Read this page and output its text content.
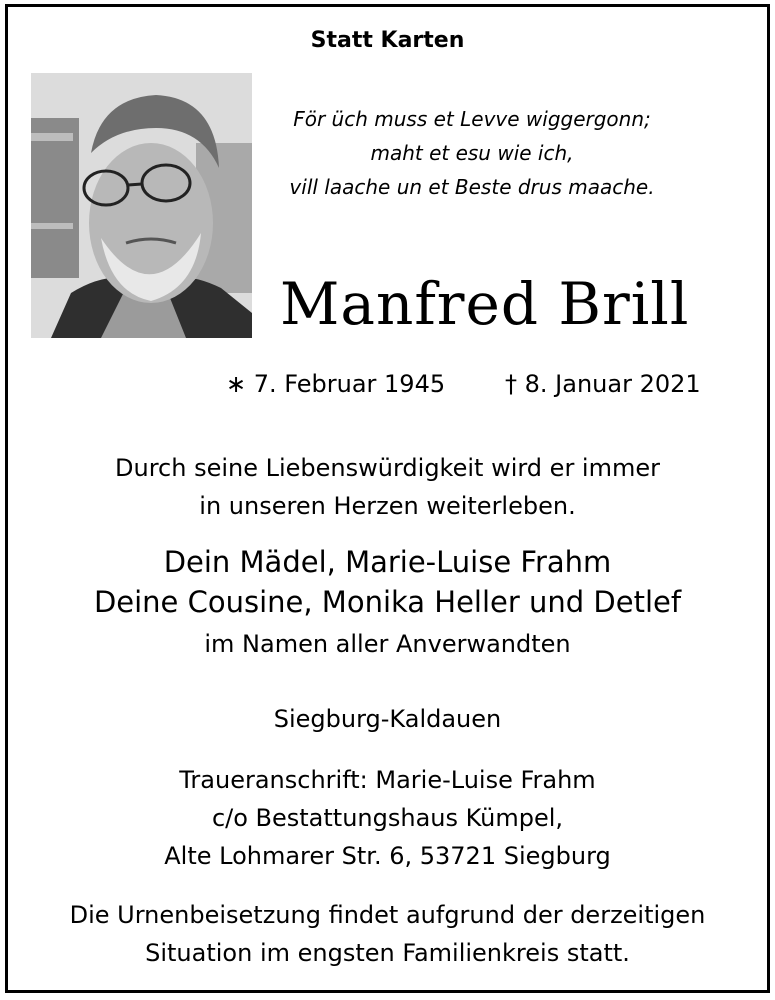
Statt Karten
För üch muss et Levve wiggergonn;
maht et esu wie ich,
vill laache un et Beste drus maache.
Manfred Brill
∗ 7. Februar 1945 † 8. Januar 2021
Durch seine Liebenswürdigkeit wird er immer
in unseren Herzen weiterleben.
Dein Mädel, Marie-Luise Frahm
Deine Cousine, Monika Heller und Detlef
im Namen aller Anverwandten
Siegburg-Kaldauen
Traueranschrift: Marie-Luise Frahm
c/o Bestattungshaus Kümpel,
Alte Lohmarer Str. 6, 53721 Siegburg
Die Urnenbeisetzung findet aufgrund der derzeitigen
Situation im engsten Familienkreis statt.
